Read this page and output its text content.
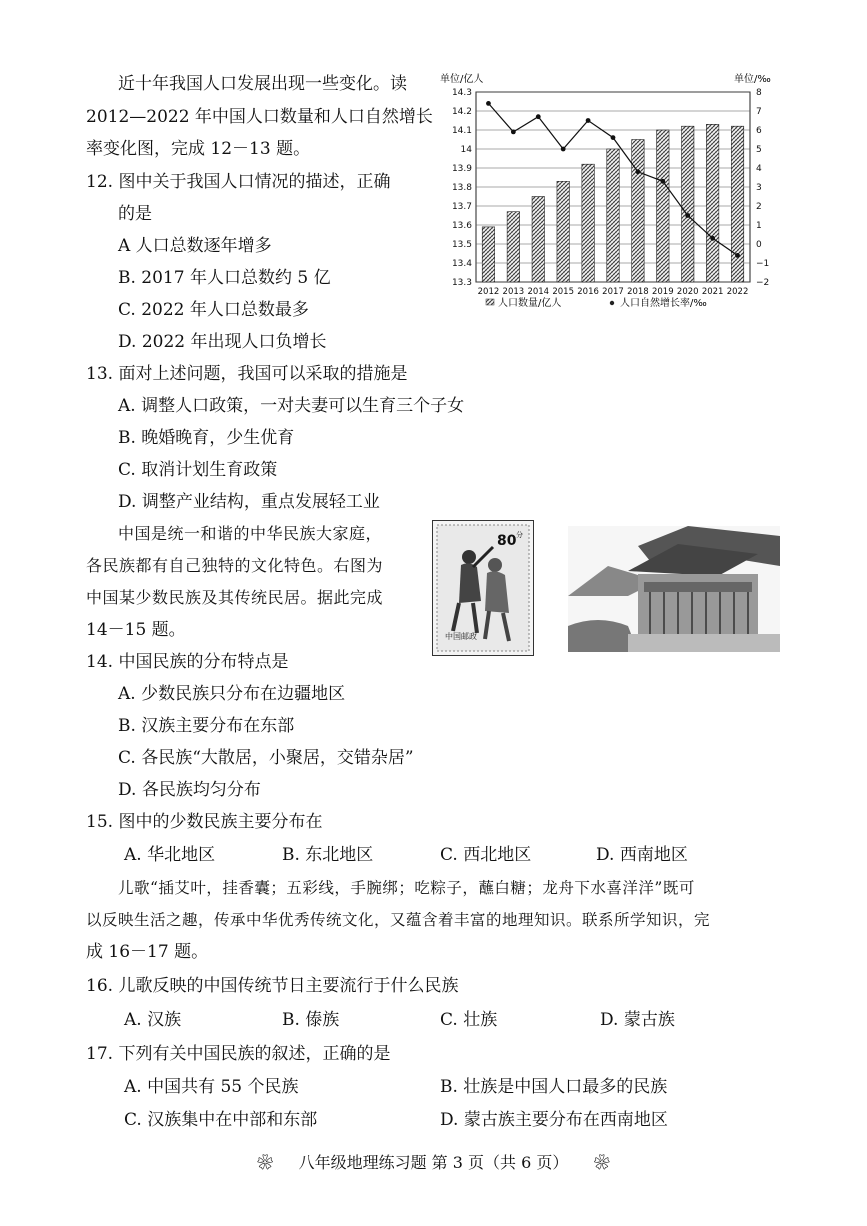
近十年我国人口发展出现一些变化。读
2012—2022 年中国人口数量和人口自然增长
率变化图，完成 12－13 题。
12. 图中关于我国人口情况的描述，正确
的是
A 人口总数逐年增多
B. 2017 年人口总数约 5 亿
C. 2022 年人口总数最多
D. 2022 年出现人口负增长
14.3
14.2
14.1
14
13.9
13.8
13.7
13.6
13.5
13.4
13.3
8
7
6
5
4
3
2
1
0
−1
−2
2012 2013 2014 2015 2016 2017 2018 2019 2020 2021 2022
单位/亿人	单位/‰
人口数量/亿人	人口自然增长率/‰
13. 面对上述问题，我国可以采取的措施是
A. 调整人口政策，一对夫妻可以生育三个子女
B. 晚婚晚育，少生优育
C. 取消计划生育政策
D. 调整产业结构，重点发展轻工业
中国是统一和谐的中华民族大家庭，
各民族都有自己独特的文化特色。右图为
中国某少数民族及其传统民居。据此完成
14－15 题。
80 分
中国邮政
14. 中国民族的分布特点是
A. 少数民族只分布在边疆地区
B. 汉族主要分布在东部
C. 各民族“大散居，小聚居，交错杂居”
D. 各民族均匀分布
15. 图中的少数民族主要分布在
A. 华北地区	B. 东北地区	C. 西北地区	D. 西南地区
儿歌“插艾叶，挂香囊；五彩线，手腕绑；吃粽子，蘸白糖；龙舟下水喜洋洋”既可
以反映生活之趣，传承中华优秀传统文化，又蕴含着丰富的地理知识。联系所学知识，完
成 16－17 题。
16. 儿歌反映的中国传统节日主要流行于什么民族
A. 汉族	B. 傣族	C. 壮族	D. 蒙古族
17. 下列有关中国民族的叙述，正确的是
A. 中国共有 55 个民族	B. 壮族是中国人口最多的民族
C. 汉族集中在中部和东部	D. 蒙古族主要分布在西南地区
❀ 八年级地理练习题 第 3 页（共 6 页） ❀
